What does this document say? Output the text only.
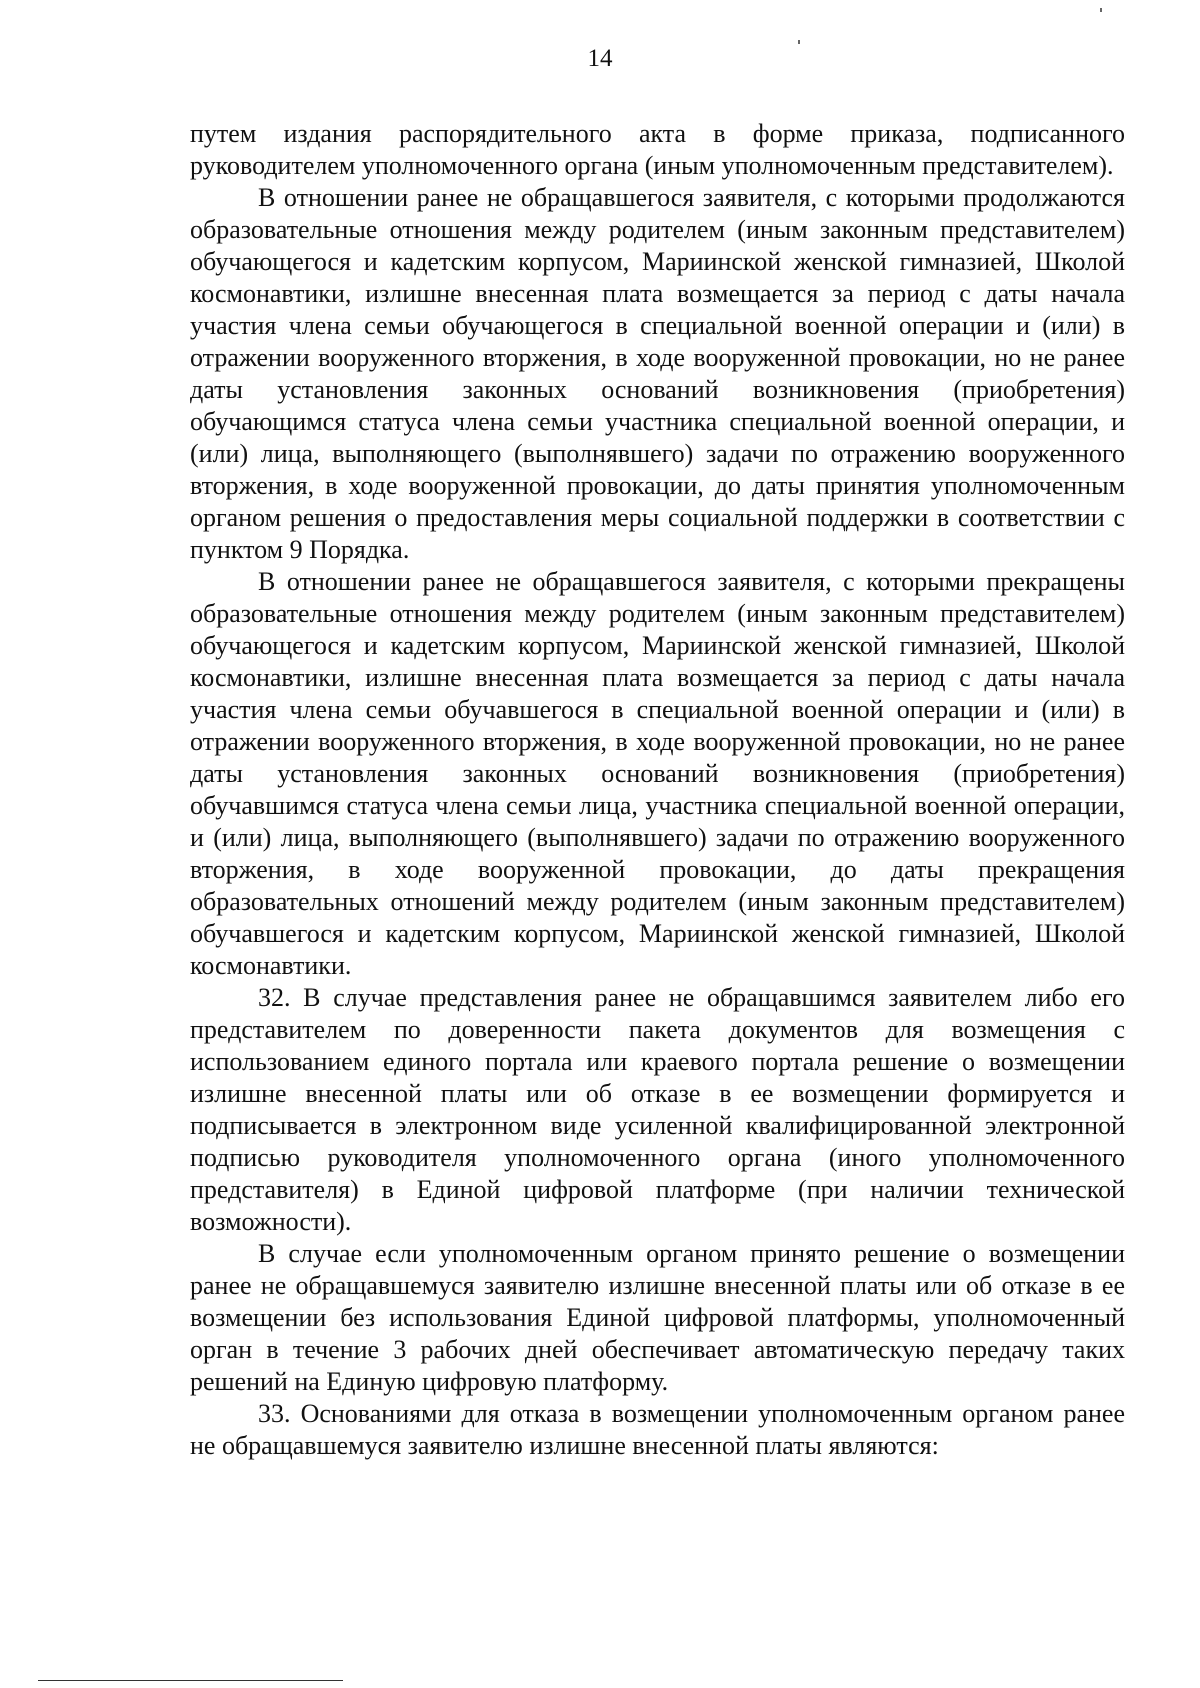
14

путем издания распорядительного акта в форме приказа, подписанного руководителем уполномоченного органа (иным уполномоченным представителем).

В отношении ранее не обращавшегося заявителя, с которыми продолжаются образовательные отношения между родителем (иным законным представителем) обучающегося и кадетским корпусом, Мариинской женской гимназией, Школой космонавтики, излишне внесенная плата возмещается за период с даты начала участия члена семьи обучающегося в специальной военной операции и (или) в отражении вооруженного вторжения, в ходе вооруженной провокации, но не ранее даты установления законных оснований возникновения (приобретения) обучающимся статуса члена семьи участника специальной военной операции, и (или) лица, выполняющего (выполнявшего) задачи по отражению вооруженного вторжения, в ходе вооруженной провокации, до даты принятия уполномоченным органом решения о предоставления меры социальной поддержки в соответствии с пунктом 9 Порядка.

В отношении ранее не обращавшегося заявителя, с которыми прекращены образовательные отношения между родителем (иным законным представителем) обучающегося и кадетским корпусом, Мариинской женской гимназией, Школой космонавтики, излишне внесенная плата возмещается за период с даты начала участия члена семьи обучавшегося в специальной военной операции и (или) в отражении вооруженного вторжения, в ходе вооруженной провокации, но не ранее даты установления законных оснований возникновения (приобретения) обучавшимся статуса члена семьи лица, участника специальной военной операции, и (или) лица, выполняющего (выполнявшего) задачи по отражению вооруженного вторжения, в ходе вооруженной провокации, до даты прекращения образовательных отношений между родителем (иным законным представителем) обучавшегося и кадетским корпусом, Мариинской женской гимназией, Школой космонавтики.

32. В случае представления ранее не обращавшимся заявителем либо его представителем по доверенности пакета документов для возмещения с использованием единого портала или краевого портала решение о возмещении излишне внесенной платы или об отказе в ее возмещении формируется и подписывается в электронном виде усиленной квалифицированной электронной подписью руководителя уполномоченного органа (иного уполномоченного представителя) в Единой цифровой платформе (при наличии технической возможности).

В случае если уполномоченным органом принято решение о возмещении ранее не обращавшемуся заявителю излишне внесенной платы или об отказе в ее возмещении без использования Единой цифровой платформы, уполномоченный орган в течение 3 рабочих дней обеспечивает автоматическую передачу таких решений на Единую цифровую платформу.

33. Основаниями для отказа в возмещении уполномоченным органом ранее не обращавшемуся заявителю излишне внесенной платы являются:
